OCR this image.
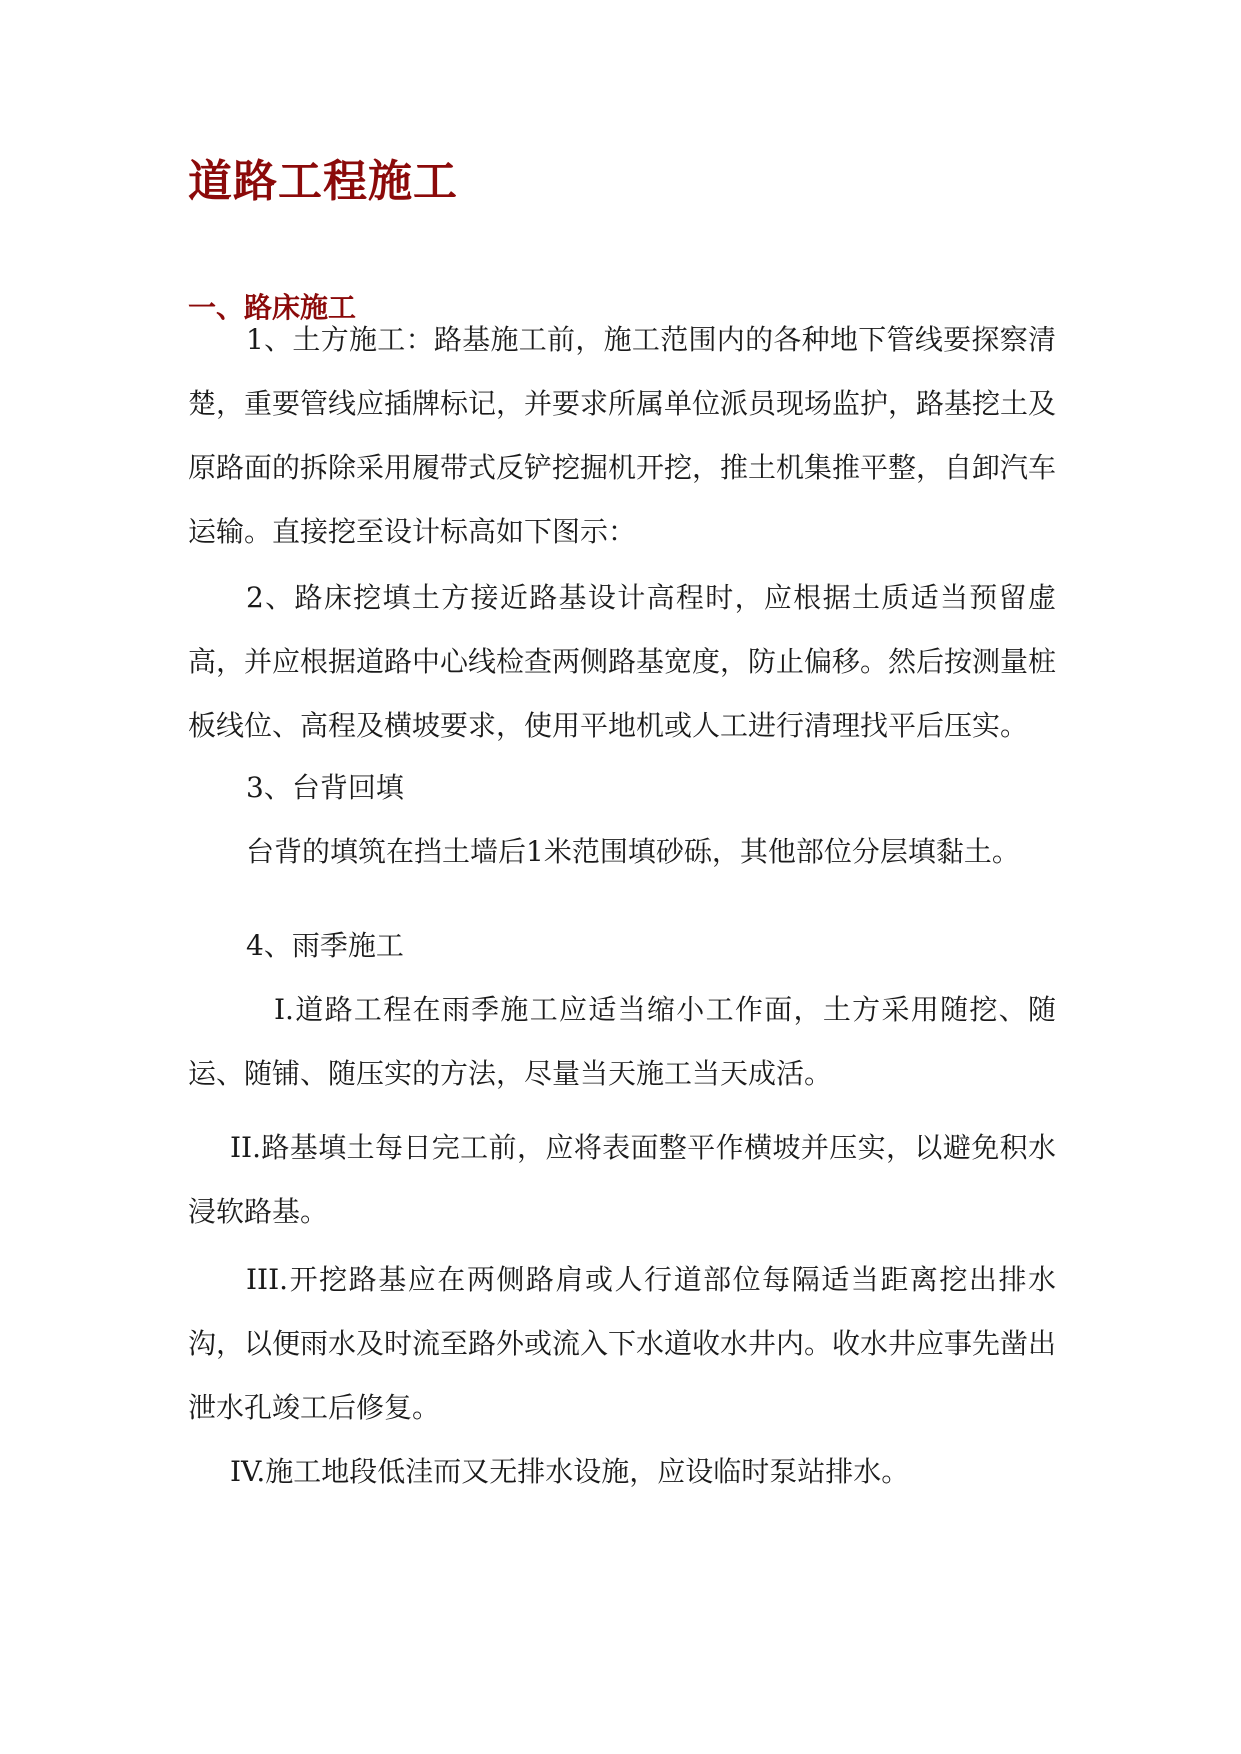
道路工程施工
一、路床施工

1、土方施工：路基施工前，施工范围内的各种地下管线要探察清楚，重要管线应插牌标记，并要求所属单位派员现场监护，路基挖土及原路面的拆除采用履带式反铲挖掘机开挖，推土机集推平整，自卸汽车运输。直接挖至设计标高如下图示：

2、路床挖填土方接近路基设计高程时，应根据土质适当预留虚高，并应根据道路中心线检查两侧路基宽度，防止偏移。然后按测量桩板线位、高程及横坡要求，使用平地机或人工进行清理找平后压实。

3、台背回填

台背的填筑在挡土墙后1米范围填砂砾，其他部位分层填黏土。

4、雨季施工

I.道路工程在雨季施工应适当缩小工作面，土方采用随挖、随运、随铺、随压实的方法，尽量当天施工当天成活。

II.路基填土每日完工前，应将表面整平作横坡并压实，以避免积水浸软路基。

III.开挖路基应在两侧路肩或人行道部位每隔适当距离挖出排水沟，以便雨水及时流至路外或流入下水道收水井内。收水井应事先凿出泄水孔竣工后修复。

IV.施工地段低洼而又无排水设施，应设临时泵站排水。
